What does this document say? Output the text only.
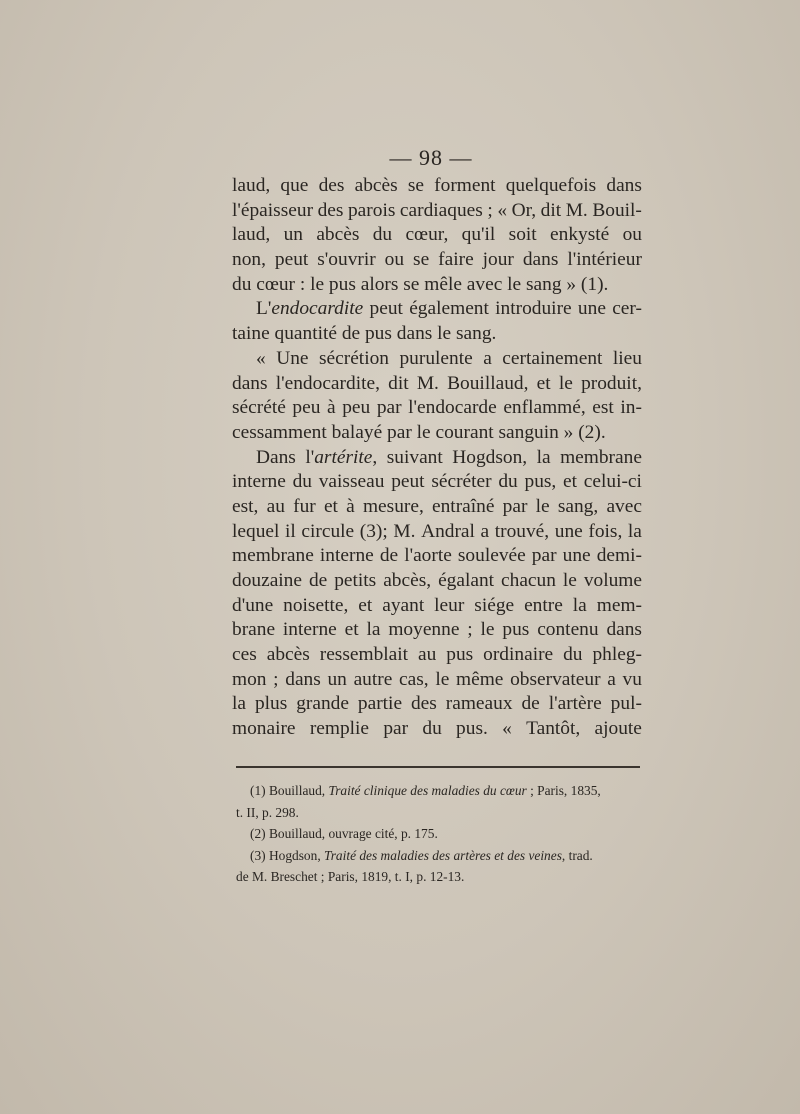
— 98 —
laud, que des abcès se forment quelquefois dans
l'épaisseur des parois cardiaques ; « Or, dit M. Bouil-
laud, un abcès du cœur, qu'il soit enkysté ou
non, peut s'ouvrir ou se faire jour dans l'intérieur
du cœur : le pus alors se mêle avec le sang » (1).
L'endocardite peut également introduire une cer-
taine quantité de pus dans le sang.
« Une sécrétion purulente a certainement lieu
dans l'endocardite, dit M. Bouillaud, et le produit,
sécrété peu à peu par l'endocarde enflammé, est in-
cessamment balayé par le courant sanguin » (2).
Dans l'artérite, suivant Hogdson, la membrane
interne du vaisseau peut sécréter du pus, et celui-ci
est, au fur et à mesure, entraîné par le sang, avec
lequel il circule (3); M. Andral a trouvé, une fois, la
membrane interne de l'aorte soulevée par une demi-
douzaine de petits abcès, égalant chacun le volume
d'une noisette, et ayant leur siége entre la mem-
brane interne et la moyenne ; le pus contenu dans
ces abcès ressemblait au pus ordinaire du phleg-
mon ; dans un autre cas, le même observateur a vu
la plus grande partie des rameaux de l'artère pul-
monaire remplie par du pus. « Tantôt, ajoute
(1) Bouillaud, Traité clinique des maladies du cœur ; Paris, 1835,
t. II, p. 298.
(2) Bouillaud, ouvrage cité, p. 175.
(3) Hogdson, Traité des maladies des artères et des veines, trad.
de M. Breschet ; Paris, 1819, t. I, p. 12-13.
